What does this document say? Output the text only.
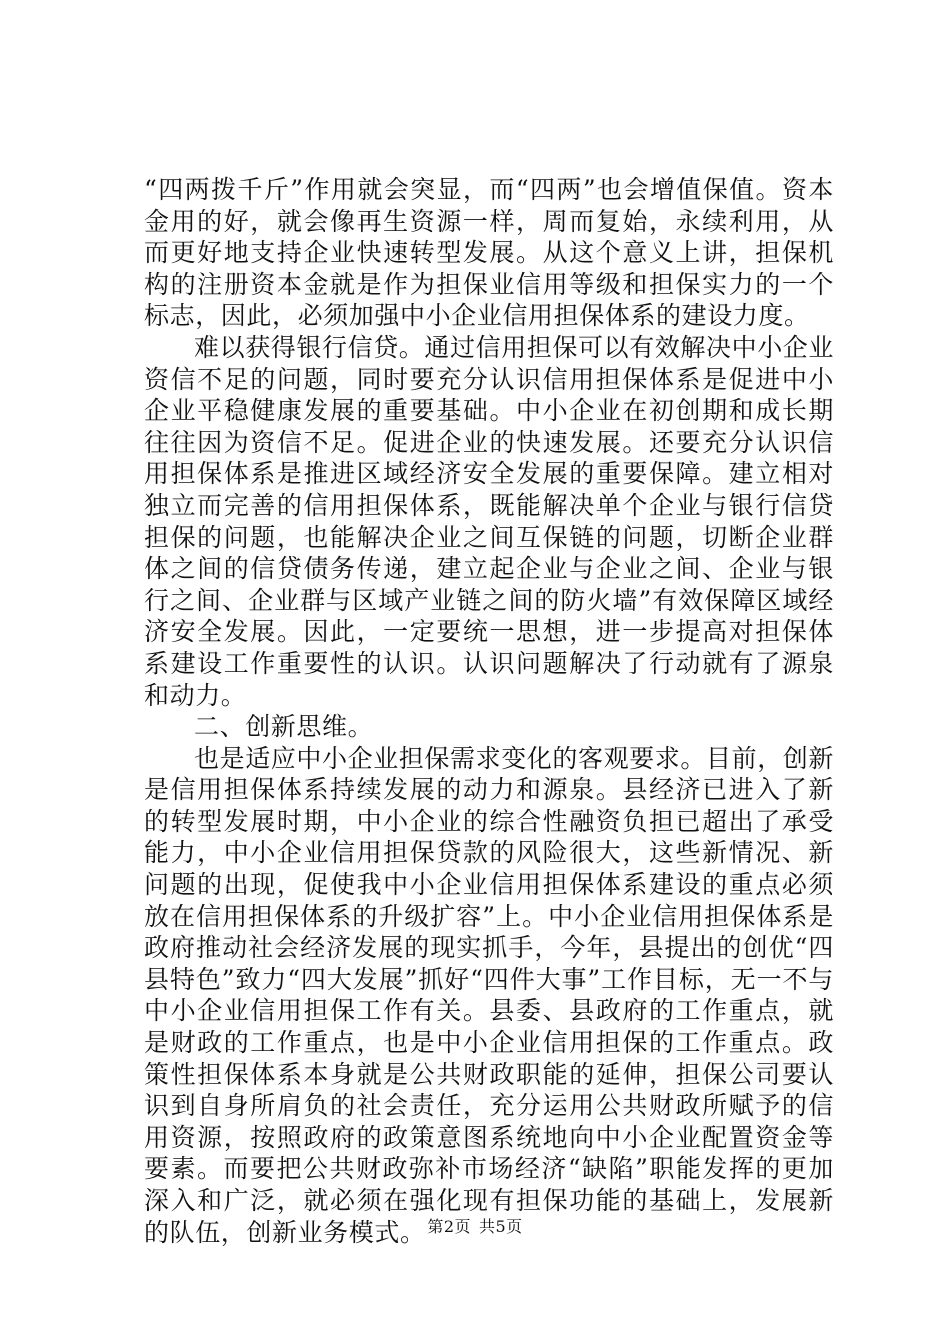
“四两拨千斤”作用就会突显，而“四两”也会增值保值。资本金用的好，就会像再生资源一样，周而复始，永续利用，从而更好地支持企业快速转型发展。从这个意义上讲，担保机构的注册资本金就是作为担保业信用等级和担保实力的一个标志，因此，必须加强中小企业信用担保体系的建设力度。

难以获得银行信贷。通过信用担保可以有效解决中小企业资信不足的问题，同时要充分认识信用担保体系是促进中小企业平稳健康发展的重要基础。中小企业在初创期和成长期往往因为资信不足。促进企业的快速发展。还要充分认识信用担保体系是推进区域经济安全发展的重要保障。建立相对独立而完善的信用担保体系，既能解决单个企业与银行信贷担保的问题，也能解决企业之间互保链的问题，切断企业群体之间的信贷债务传递，建立起企业与企业之间、企业与银行之间、企业群与区域产业链之间的防火墙”有效保障区域经济安全发展。因此，一定要统一思想，进一步提高对担保体系建设工作重要性的认识。认识问题解决了行动就有了源泉和动力。

二、创新思维。

也是适应中小企业担保需求变化的客观要求。目前，创新是信用担保体系持续发展的动力和源泉。县经济已进入了新的转型发展时期，中小企业的综合性融资负担已超出了承受能力，中小企业信用担保贷款的风险很大，这些新情况、新问题的出现，促使我中小企业信用担保体系建设的重点必须放在信用担保体系的升级扩容”上。中小企业信用担保体系是政府推动社会经济发展的现实抓手，今年，县提出的创优“四县特色”致力“四大发展”抓好“四件大事”工作目标，无一不与中小企业信用担保工作有关。县委、县政府的工作重点，就是财政的工作重点，也是中小企业信用担保的工作重点。政策性担保体系本身就是公共财政职能的延伸，担保公司要认识到自身所肩负的社会责任，充分运用公共财政所赋予的信用资源，按照政府的政策意图系统地向中小企业配置资金等要素。而要把公共财政弥补市场经济“缺陷”职能发挥的更加深入和广泛，就必须在强化现有担保功能的基础上，发展新的队伍，创新业务模式。 第2页 共5页
